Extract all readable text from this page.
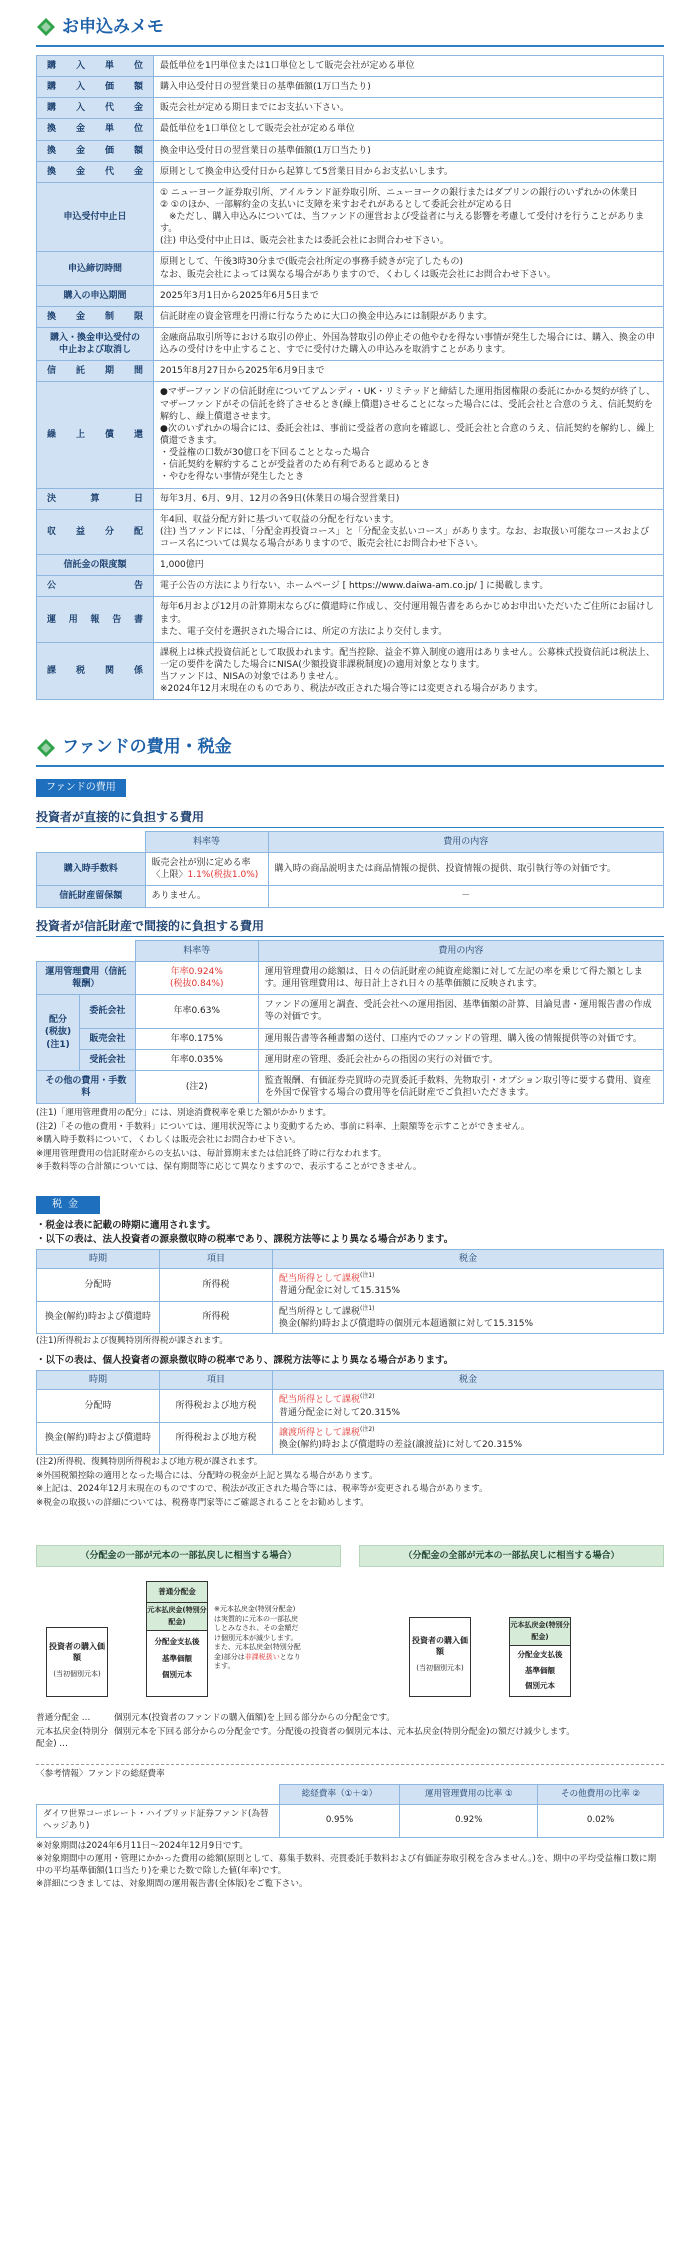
お申込みメモ
購入単位	最低単位を1円単位または1口単位として販売会社が定める単位
購入価額	購入申込受付日の翌営業日の基準価額(1万口当たり)
購入代金	販売会社が定める期日までにお支払い下さい。
換金単位	最低単位を1口単位として販売会社が定める単位
換金価額	換金申込受付日の翌営業日の基準価額(1万口当たり)
換金代金	原則として換金申込受付日から起算して5営業日目からお支払いします。
申込受付中止日	① ニューヨーク証券取引所、アイルランド証券取引所、ニューヨークの銀行またはダブリンの銀行のいずれかの休業日
② ①のほか、一部解約金の支払いに支障を来すおそれがあるとして委託会社が定める日
　※ただし、購入申込みについては、当ファンドの運営および受益者に与える影響を考慮して受付けを行うことがあります。
(注) 申込受付中止日は、販売会社または委託会社にお問合わせ下さい。
申込締切時間	原則として、午後3時30分まで(販売会社所定の事務手続きが完了したもの)
なお、販売会社によっては異なる場合がありますので、くわしくは販売会社にお問合わせ下さい。
購入の申込期間	2025年3月1日から2025年6月5日まで
換金制限	信託財産の資金管理を円滑に行なうために大口の換金申込みには制限があります。
購入・換金申込受付の中止および取消し	金融商品取引所等における取引の停止、外国為替取引の停止その他やむを得ない事情が発生した場合には、購入、換金の申込みの受付けを中止すること、すでに受付けた購入の申込みを取消すことがあります。
信託期間	2015年8月27日から2025年6月9日まで
繰上償還	●マザーファンドの信託財産についてアムンディ・UK・リミテッドと締結した運用指図権限の委託にかかる契約が終了し、マザーファンドがその信託を終了させるとき(繰上償還)させることになった場合には、受託会社と合意のうえ、信託契約を解約し、繰上償還させます。
●次のいずれかの場合には、委託会社は、事前に受益者の意向を確認し、受託会社と合意のうえ、信託契約を解約し、繰上償還できます。
・受益権の口数が30億口を下回ることとなった場合
・信託契約を解約することが受益者のため有利であると認めるとき
・やむを得ない事情が発生したとき
決算日	毎年3月、6月、9月、12月の各9日(休業日の場合翌営業日)
収益分配	年4回、収益分配方針に基づいて収益の分配を行ないます。
(注) 当ファンドには、「分配金再投資コース」と「分配金支払いコース」があります。なお、お取扱い可能なコースおよびコース名については異なる場合がありますので、販売会社にお問合わせ下さい。
信託金の限度額	1,000億円
公告	電子公告の方法により行ない、ホームページ [ https://www.daiwa-am.co.jp/ ] に掲載します。
運用報告書	毎年6月および12月の計算期末ならびに償還時に作成し、交付運用報告書をあらかじめお申出いただいたご住所にお届けします。
また、電子交付を選択された場合には、所定の方法により交付します。
課税関係	課税上は株式投資信託として取扱われます。配当控除、益金不算入制度の適用はありません。公募株式投資信託は税法上、一定の要件を満たした場合にNISA(少額投資非課税制度)の適用対象となります。
当ファンドは、NISAの対象ではありません。
※2024年12月末現在のものであり、税法が改正された場合等には変更される場合があります。
ファンドの費用・税金
ファンドの費用
投資者が直接的に負担する費用
	料率等	費用の内容
購入時手数料	販売会社が別に定める率〈上限〉1.1%(税抜1.0%)	購入時の商品説明または商品情報の提供、投資情報の提供、取引執行等の対価です。
信託財産留保額	ありません。	－
投資者が信託財産で間接的に負担する費用
		料率等	費用の内容
運用管理費用（信託報酬）		年率0.924%
(税抜0.84%)	運用管理費用の総額は、日々の信託財産の純資産総額に対して左記の率を乗じて得た額とします。運用管理費用は、毎日計上され日々の基準価額に反映されます。
配分(税抜)(注1)	委託会社	年率0.63%	ファンドの運用と調査、受託会社への運用指図、基準価額の計算、目論見書・運用報告書の作成等の対価です。
	販売会社	年率0.175%	運用報告書等各種書類の送付、口座内でのファンドの管理、購入後の情報提供等の対価です。
	受託会社	年率0.035%	運用財産の管理、委託会社からの指図の実行の対価です。
その他の費用・手数料		(注2)	監査報酬、有価証券売買時の売買委託手数料、先物取引・オプション取引等に要する費用、資産を外国で保管する場合の費用等を信託財産でご負担いただきます。
(注1)「運用管理費用の配分」には、別途消費税率を乗じた額がかかります。
(注2)「その他の費用・手数料」については、運用状況等により変動するため、事前に料率、上限額等を示すことができません。
※購入時手数料について、くわしくは販売会社にお問合わせ下さい。
※運用管理費用の信託財産からの支払いは、毎計算期末または信託終了時に行なわれます。
※手数料等の合計額については、保有期間等に応じて異なりますので、表示することができません。
税金
・税金は表に記載の時期に適用されます。
・以下の表は、法人投資者の源泉徴収時の税率であり、課税方法等により異なる場合があります。
時期	項目	税金
分配時	所得税	配当所得として課税$^{(注1)}$
普通分配金に対して15.315%
換金(解約)時および償還時	所得税	配当所得として課税$^{(注1)}$
換金(解約)時および償還時の個別元本超過額に対して15.315%
(注1)所得税および復興特別所得税が課されます。
・以下の表は、個人投資者の源泉徴収時の税率であり、課税方法等により異なる場合があります。
時期	項目	税金
分配時	所得税および地方税	配当所得として課税$^{(注2)}$
普通分配金に対して20.315%
換金(解約)時および償還時	所得税および地方税	譲渡所得として課税$^{(注2)}$
換金(解約)時および償還時の差益(譲渡益)に対して20.315%
(注2)所得税、復興特別所得税および地方税が課されます。
※外国税額控除の適用となった場合には、分配時の税金が上記と異なる場合があります。
※上記は、2024年12月末現在のものですので、税法が改正された場合等には、税率等が変更される場合があります。
※税金の取扱いの詳細については、税務専門家等にご確認されることをお勧めします。
（分配金の一部が元本の一部払戻しに相当する場合）
投資者の購入価額
(当初個別元本)
普通分配金
元本払戻金(特別分配金)
分配金支払後
基準価額
個別元本
※元本払戻金(特別分配金)は実質的に元本の一部払戻しとみなされ、その金額だけ個別元本が減少します。また、元本払戻金(特別分配金)部分は非課税扱いとなります。
（分配金の全部が元本の一部払戻しに相当する場合）
投資者の購入価額
(当初個別元本)
元本払戻金(特別分配金)
分配金支払後
基準価額
個別元本
普通分配金 …	個別元本(投資者のファンドの購入価額)を上回る部分からの分配金です。
元本払戻金(特別分配金) …
個別元本を下回る部分からの分配金です。分配後の投資者の個別元本は、元本払戻金(特別分配金)の額だけ減少します。
〈参考情報〉ファンドの総経費率
	総経費率（①＋②）	運用管理費用の比率 ①	その他費用の比率 ②
ダイワ世界コーポレート・ハイブリッド証券ファンド(為替ヘッジあり)	0.95%	0.92%	0.02%
※対象期間は2024年6月11日～2024年12月9日です。
※対象期間中の運用・管理にかかった費用の総額(原則として、募集手数料、売買委託手数料および有価証券取引税を含みません。)を、期中の平均受益権口数に期中の平均基準価額(1口当たり)を乗じた数で除した値(年率)です。
※詳細につきましては、対象期間の運用報告書(全体版)をご覧下さい。
